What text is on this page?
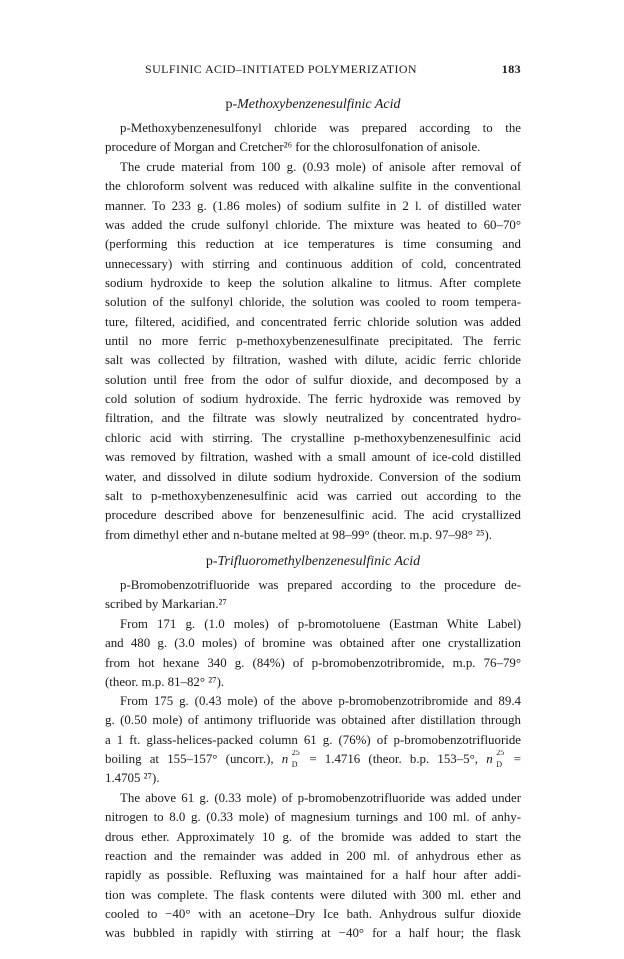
SULFINIC ACID–INITIATED POLYMERIZATION	183
p-Methoxybenzenesulfinic Acid

p-Methoxybenzenesulfonyl chloride was prepared according to the
procedure of Morgan and Cretcher²⁶ for the chlorosulfonation of anisole.

The crude material from 100 g. (0.93 mole) of anisole after removal of
the chloroform solvent was reduced with alkaline sulfite in the conventional
manner. To 233 g. (1.86 moles) of sodium sulfite in 2 l. of distilled water
was added the crude sulfonyl chloride. The mixture was heated to 60–70°
(performing this reduction at ice temperatures is time consuming and
unnecessary) with stirring and continuous addition of cold, concentrated
sodium hydroxide to keep the solution alkaline to litmus. After complete
solution of the sulfonyl chloride, the solution was cooled to room tempera-
ture, filtered, acidified, and concentrated ferric chloride solution was added
until no more ferric p-methoxybenzenesulfinate precipitated. The ferric
salt was collected by filtration, washed with dilute, acidic ferric chloride
solution until free from the odor of sulfur dioxide, and decomposed by a
cold solution of sodium hydroxide. The ferric hydroxide was removed by
filtration, and the filtrate was slowly neutralized by concentrated hydro-
chloric acid with stirring. The crystalline p-methoxybenzenesulfinic acid
was removed by filtration, washed with a small amount of ice-cold distilled
water, and dissolved in dilute sodium hydroxide. Conversion of the sodium
salt to p-methoxybenzenesulfinic acid was carried out according to the
procedure described above for benzenesulfinic acid. The acid crystallized
from dimethyl ether and n-butane melted at 98–99° (theor. m.p. 97–98° ²⁵).

p-Trifluoromethylbenzenesulfinic Acid

p-Bromobenzotrifluoride was prepared according to the procedure de-
scribed by Markarian.²⁷

From 171 g. (1.0 moles) of p-bromotoluene (Eastman White Label)
and 480 g. (3.0 moles) of bromine was obtained after one crystallization
from hot hexane 340 g. (84%) of p-bromobenzotribromide, m.p. 76–79°
(theor. m.p. 81–82° ²⁷).

From 175 g. (0.43 mole) of the above p-bromobenzotribromide and 89.4
g. (0.50 mole) of antimony trifluoride was obtained after distillation through
a 1 ft. glass-helices-packed column 61 g. (76%) of p-bromobenzotrifluoride
boiling at 155–157° (uncorr.), n 25
D
  = 1.4716 (theor. b.p. 153–5°, n 25
D
  =
1.4705 ²⁷).

The above 61 g. (0.33 mole) of p-bromobenzotrifluoride was added under
nitrogen to 8.0 g. (0.33 mole) of magnesium turnings and 100 ml. of anhy-
drous ether. Approximately 10 g. of the bromide was added to start the
reaction and the remainder was added in 200 ml. of anhydrous ether as
rapidly as possible. Refluxing was maintained for a half hour after addi-
tion was complete. The flask contents were diluted with 300 ml. ether and
cooled to −40° with an acetone–Dry Ice bath. Anhydrous sulfur dioxide
was bubbled in rapidly with stirring at −40° for a half hour; the flask
